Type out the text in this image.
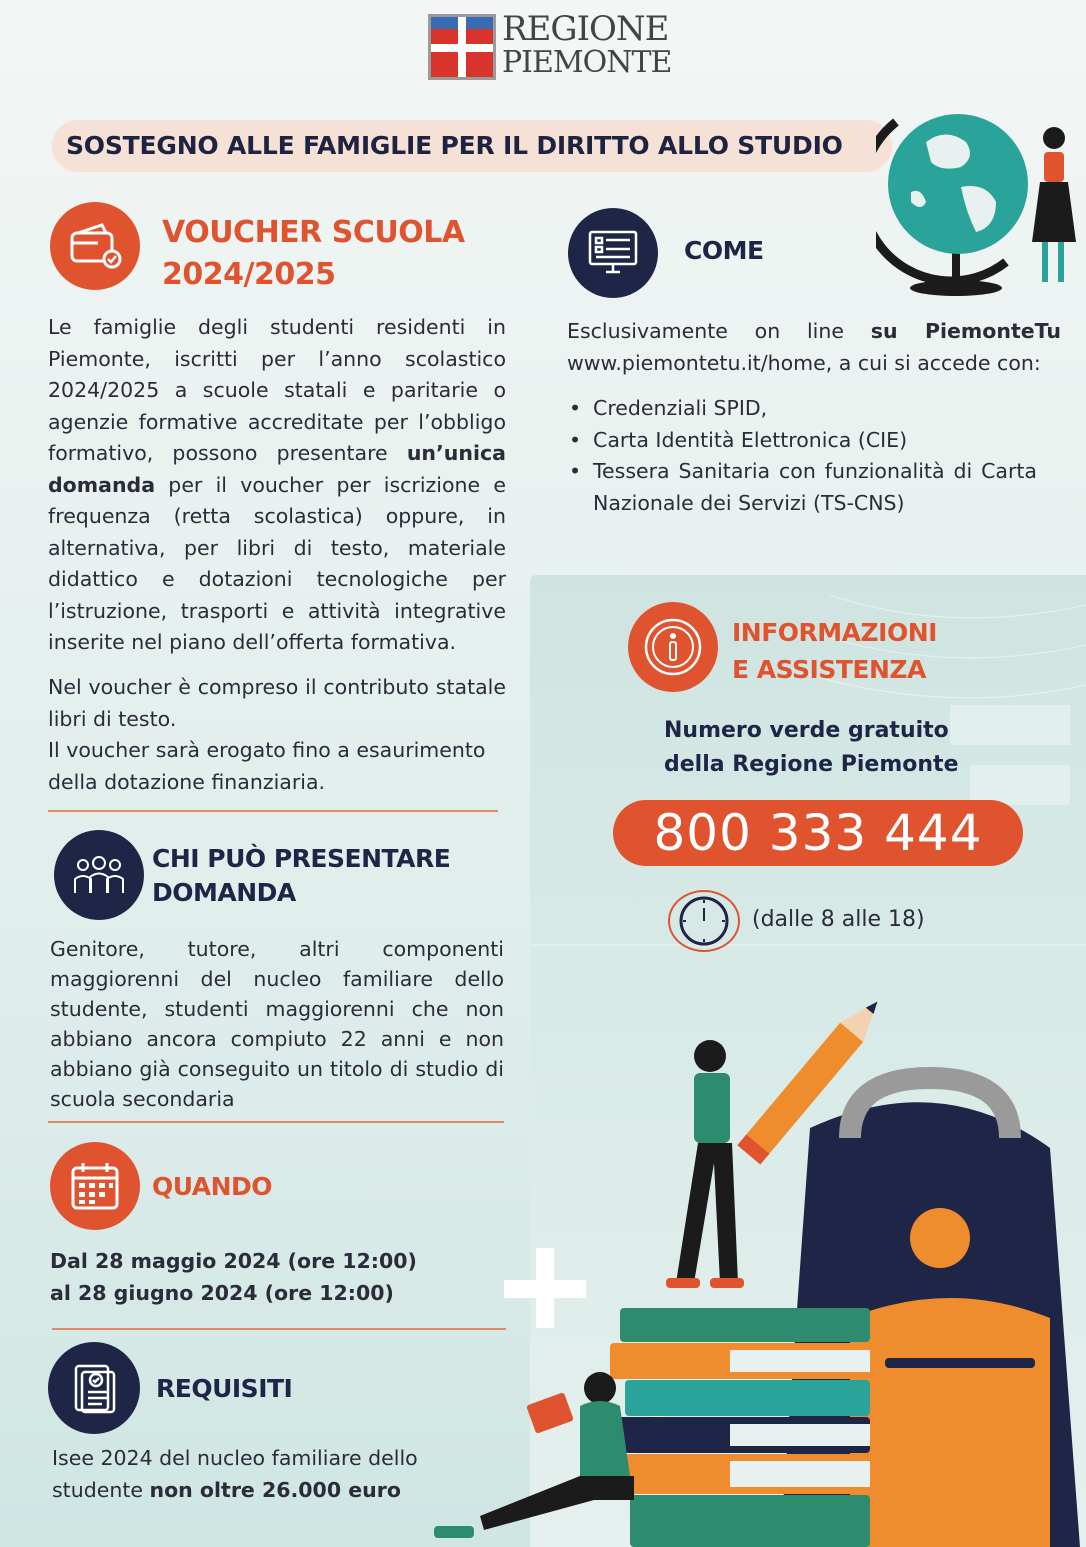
REGIONE
PIEMONTE
SOSTEGNO ALLE FAMIGLIE PER IL DIRITTO ALLO STUDIO
VOUCHER SCUOLA
2024/2025
Le famiglie degli studenti residenti in Piemonte, iscritti per l’anno scolastico 2024/2025 a scuole statali e paritarie o agenzie formative accreditate per l’obbligo formativo, possono presentare un’unica domanda per il voucher per iscrizione e frequenza (retta scolastica) oppure, in alternativa, per libri di testo, materiale didattico e dotazioni tecnologiche per l’istruzione, trasporti e attività integrative inserite nel piano dell’offerta formativa.
Nel voucher è compreso il contributo statale libri di testo.
Il voucher sarà erogato fino a esaurimento della dotazione finanziaria.
CHI PUÒ PRESENTARE
DOMANDA
Genitore, tutore, altri componenti maggiorenni del nucleo familiare dello studente, studenti maggiorenni che non abbiano ancora compiuto 22 anni e non abbiano già conseguito un titolo di studio di scuola secondaria
QUANDO
Dal 28 maggio 2024 (ore 12:00)
al 28 giugno 2024 (ore 12:00)
REQUISITI
Isee 2024 del nucleo familiare dello studente non oltre 26.000 euro
COME
Esclusivamente on line su PiemonteTu www.piemontetu.it/home, a cui si accede con:
• Credenziali SPID,
• Carta Identità Elettronica (CIE)
• Tessera Sanitaria con funzionalità di Carta Nazionale dei Servizi (TS-CNS)
INFORMAZIONI
E ASSISTENZA
Numero verde gratuito
della Regione Piemonte
800 333 444
(dalle 8 alle 18)
